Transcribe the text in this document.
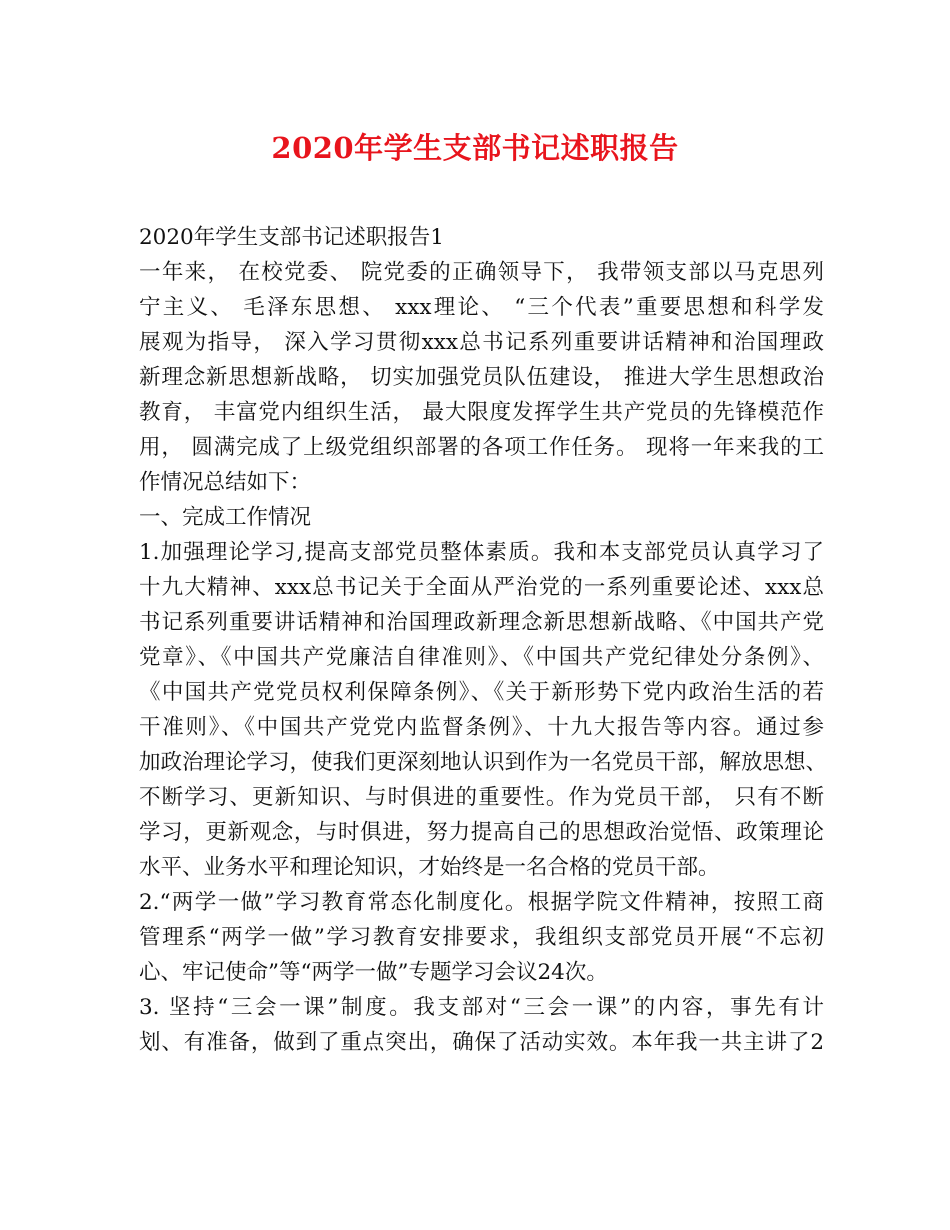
2020年学生支部书记述职报告
2020年学生支部书记述职报告1
一年来， 在校党委、 院党委的正确领导下， 我带领支部以马克思列
宁主义、 毛泽东思想、 xxx理论、 “三个代表”重要思想和科学发
展观为指导， 深入学习贯彻xxx总书记系列重要讲话精神和治国理政
新理念新思想新战略， 切实加强党员队伍建设， 推进大学生思想政治
教育， 丰富党内组织生活， 最大限度发挥学生共产党员的先锋模范作
用， 圆满完成了上级党组织部署的各项工作任务。 现将一年来我的工
作情况总结如下：
一、完成工作情况
1.加强理论学习,提高支部党员整体素质。我和本支部党员认真学习了
十九大精神、xxx总书记关于全面从严治党的一系列重要论述、xxx总
书记系列重要讲话精神和治国理政新理念新思想新战略、《中国共产党
党章》、《中国共产党廉洁自律准则》、《中国共产党纪律处分条例》、
《中国共产党党员权利保障条例》、《关于新形势下党内政治生活的若
干准则》、《中国共产党党内监督条例》、十九大报告等内容。通过参
加政治理论学习，使我们更深刻地认识到作为一名党员干部，解放思想、
不断学习、更新知识、与时俱进的重要性。作为党员干部， 只有不断
学习，更新观念，与时俱进，努力提高自己的思想政治觉悟、政策理论
水平、业务水平和理论知识，才始终是一名合格的党员干部。
2.“两学一做”学习教育常态化制度化。根据学院文件精神，按照工商
管理系“两学一做”学习教育安排要求，我组织支部党员开展“不忘初
心、牢记使命”等“两学一做”专题学习会议24次。
3. 坚持“三会一课”制度。我支部对“三会一课”的内容，事先有计
划、有准备，做到了重点突出，确保了活动实效。本年我一共主讲了2
